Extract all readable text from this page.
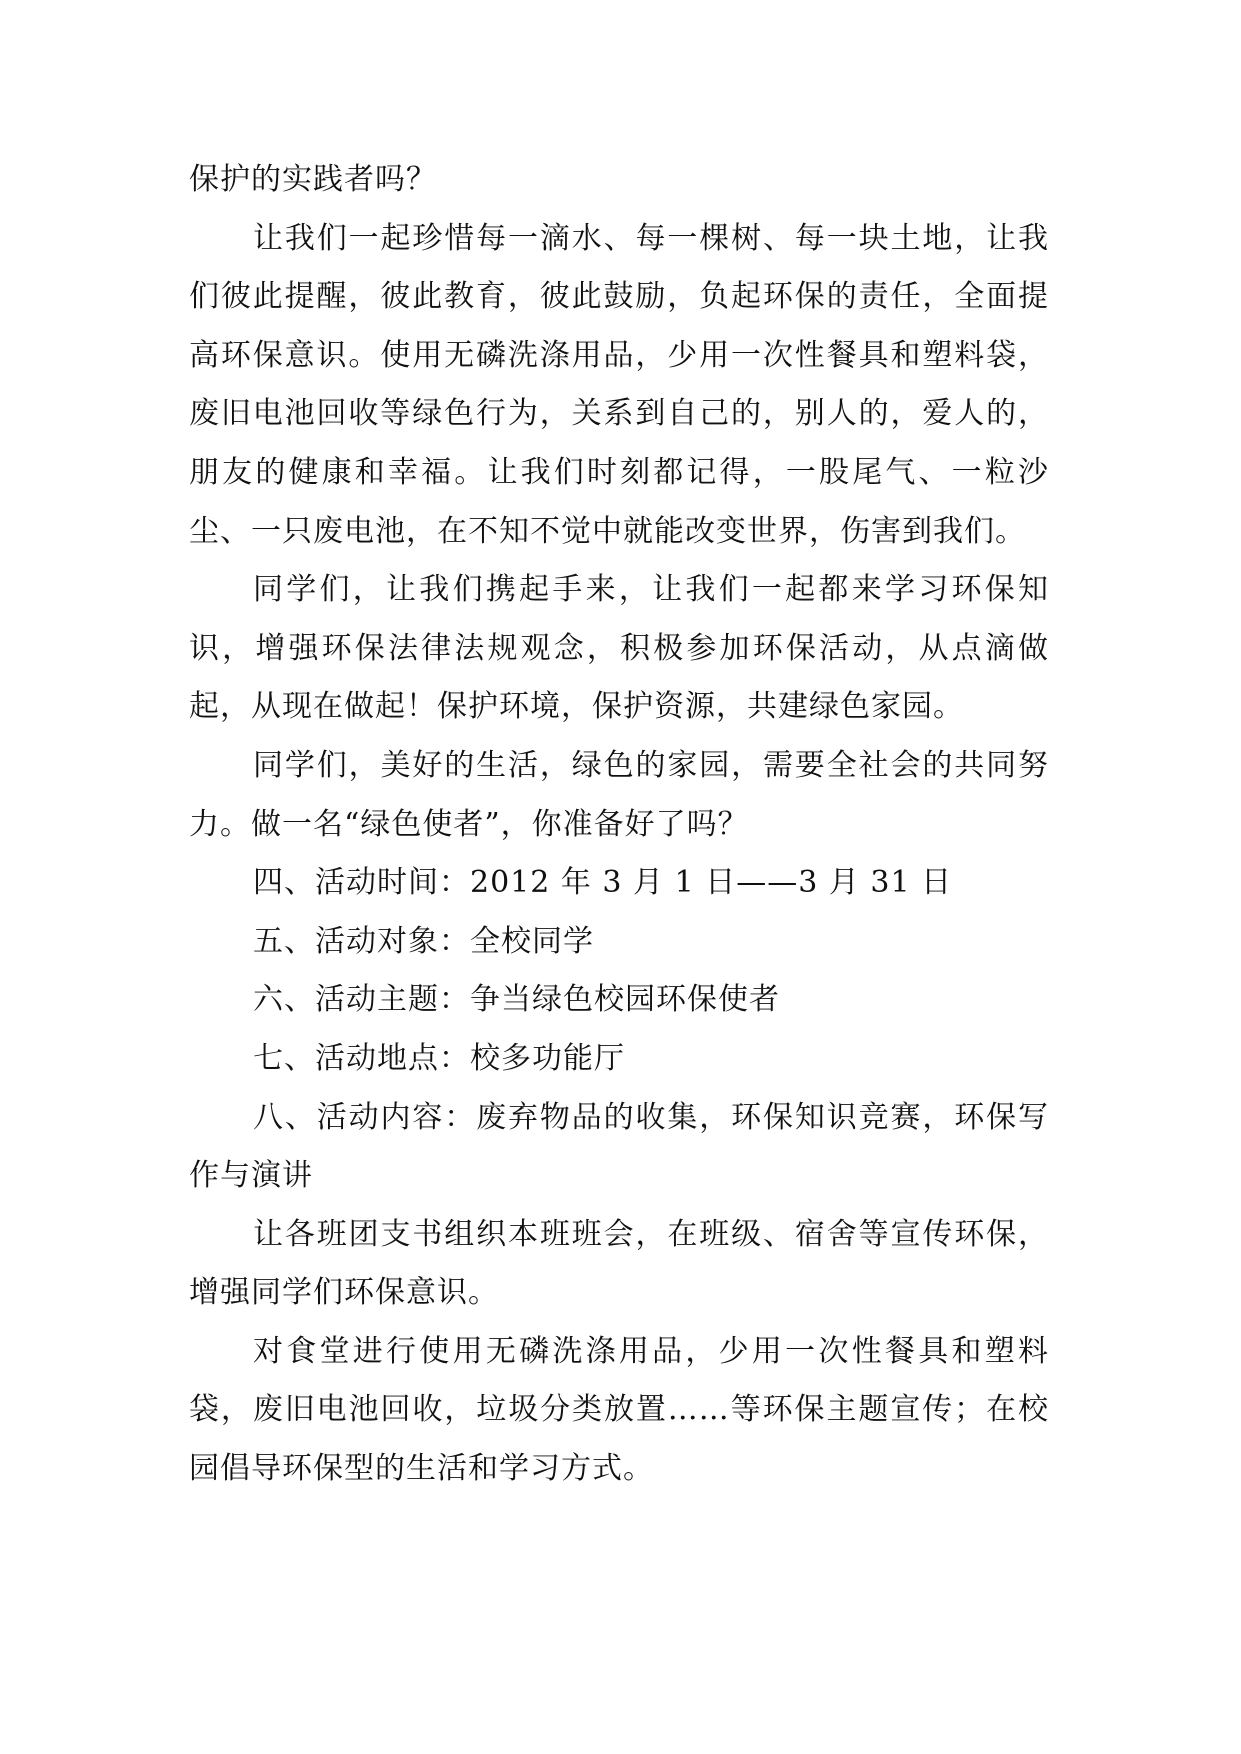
保护的实践者吗？

让我们一起珍惜每一滴水、每一棵树、每一块土地，让我们彼此提醒，彼此教育，彼此鼓励，负起环保的责任，全面提高环保意识。使用无磷洗涤用品，少用一次性餐具和塑料袋，废旧电池回收等绿色行为，关系到自己的，别人的，爱人的，朋友的健康和幸福。让我们时刻都记得，一股尾气、一粒沙尘、一只废电池，在不知不觉中就能改变世界，伤害到我们。

同学们，让我们携起手来，让我们一起都来学习环保知识，增强环保法律法规观念，积极参加环保活动，从点滴做起，从现在做起！保护环境，保护资源，共建绿色家园。

同学们，美好的生活，绿色的家园，需要全社会的共同努力。做一名“绿色使者”，你准备好了吗？

四、活动时间：2012 年 3 月 1 日——3 月 31 日

五、活动对象：全校同学

六、活动主题：争当绿色校园环保使者

七、活动地点：校多功能厅

八、活动内容：废弃物品的收集，环保知识竞赛，环保写作与演讲

让各班团支书组织本班班会，在班级、宿舍等宣传环保，增强同学们环保意识。

对食堂进行使用无磷洗涤用品，少用一次性餐具和塑料袋，废旧电池回收，垃圾分类放置……等环保主题宣传；在校园倡导环保型的生活和学习方式。
